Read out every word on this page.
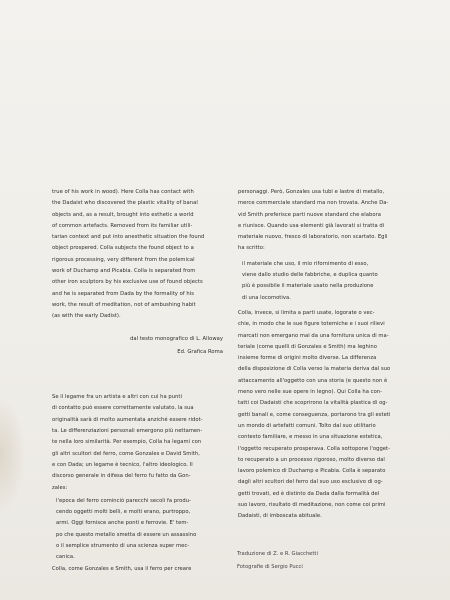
true of his work in wood). Here Colla has contact with

the Dadaist who discovered the plastic vitality of banal

objects and, as a result, brought into esthetic a world

of common artefacts. Removed from its familiar utili-

tarian context and put into anesthetic situation the found

object prospered. Colla subjects the found object to a

rigorous processing, very different from the polemical

work of Duchamp and Picabia. Colla is separated from

other iron sculptors by his exclusive use of found objects

and he is separated from Dada by the formality of his

work, the result of meditation, not of ambushing habit

(as with the early Dadist).

dal testo monografico di L. Alloway

Ed. Grafica Roma

Se il legame fra un artista e altri con cui ha punti

di contatto può essere correttamente valutato, la sua

originalità sarà di molto aumentata anziché essere ridot-

ta. Le differenziazioni personali emergono più nettamen-

te nella loro similarità. Per esempio, Colla ha legami con

gli altri scultori del ferro, come Gonzales e David Smith,

e con Dada; un legame è tecnico, l'altro ideologico. Il

discorso generale in difesa del ferro fu fatto da Gon-

zales:

l'epoca del ferro cominciò parecchi secoli fa produ-

cendo oggetti molti belli, e molti erano, purtroppo,

armi. Oggi fornisce anche ponti e ferrovie. E' tem-

po che questo metallo smetta di essere un assassino

o il semplice strumento di una scienza super mec-

canica.

Colla, come Gonzales e Smith, usa il ferro per creare

personaggi. Però, Gonzales usa tubi e lastre di metallo,

merce commerciale standard ma non trovata. Anche Da-

vid Smith preferisce parti nuove standard che elabora

e riunisce. Quando usa elementi già lavorati si tratta di

materiale nuovo, fresco di laboratorio, non scartato. Egli

ha scritto:

il materiale che uso, il mio rifornimento di esso,

viene dallo studio delle fabbriche, e duplica quanto

più è possibile il materiale usato nella produzione

di una locomotiva.

Colla, invece, si limita a parti usate, logorate o vec-

chie, in modo che le sue figure totemiche e i suoi rilievi

marcati non emergano mai da una fornitura unica di ma-

teriale (come quelli di Gonzales e Smith) ma leghino

insieme forme di origini molto diverse. La differenza

della disposizione di Colla verso la materia deriva dal suo

attaccamento all'oggetto con una storia (e questo non è

meno vero nelle sue opere in legno). Qui Colla ha con-

tatti coi Dadaisti che scoprirono la vitalità plastica di og-

getti banali e, come conseguenza, portarono tra gli esteti

un mondo di artefatti comuni. Tolto dal suo utilitario

contesto familiare, e messo in una situazione estetica,

l'oggetto recuperato prosperava. Colla sottopone l'ogget-

to recuperato a un processo rigoroso, molto diverso dal

lavoro polemico di Duchamp e Picabia. Colla è separato

dagli altri scultori del ferro dal suo uso esclusivo di og-

getti trovati, ed è distinto da Dada dalla formalità del

suo lavoro, risultato di meditazione, non come coi primi

Dadaisti, di imboscata abituale.

Traduzione di Z. e R. Giacchetti

Fotografie di Sergio Pucci
